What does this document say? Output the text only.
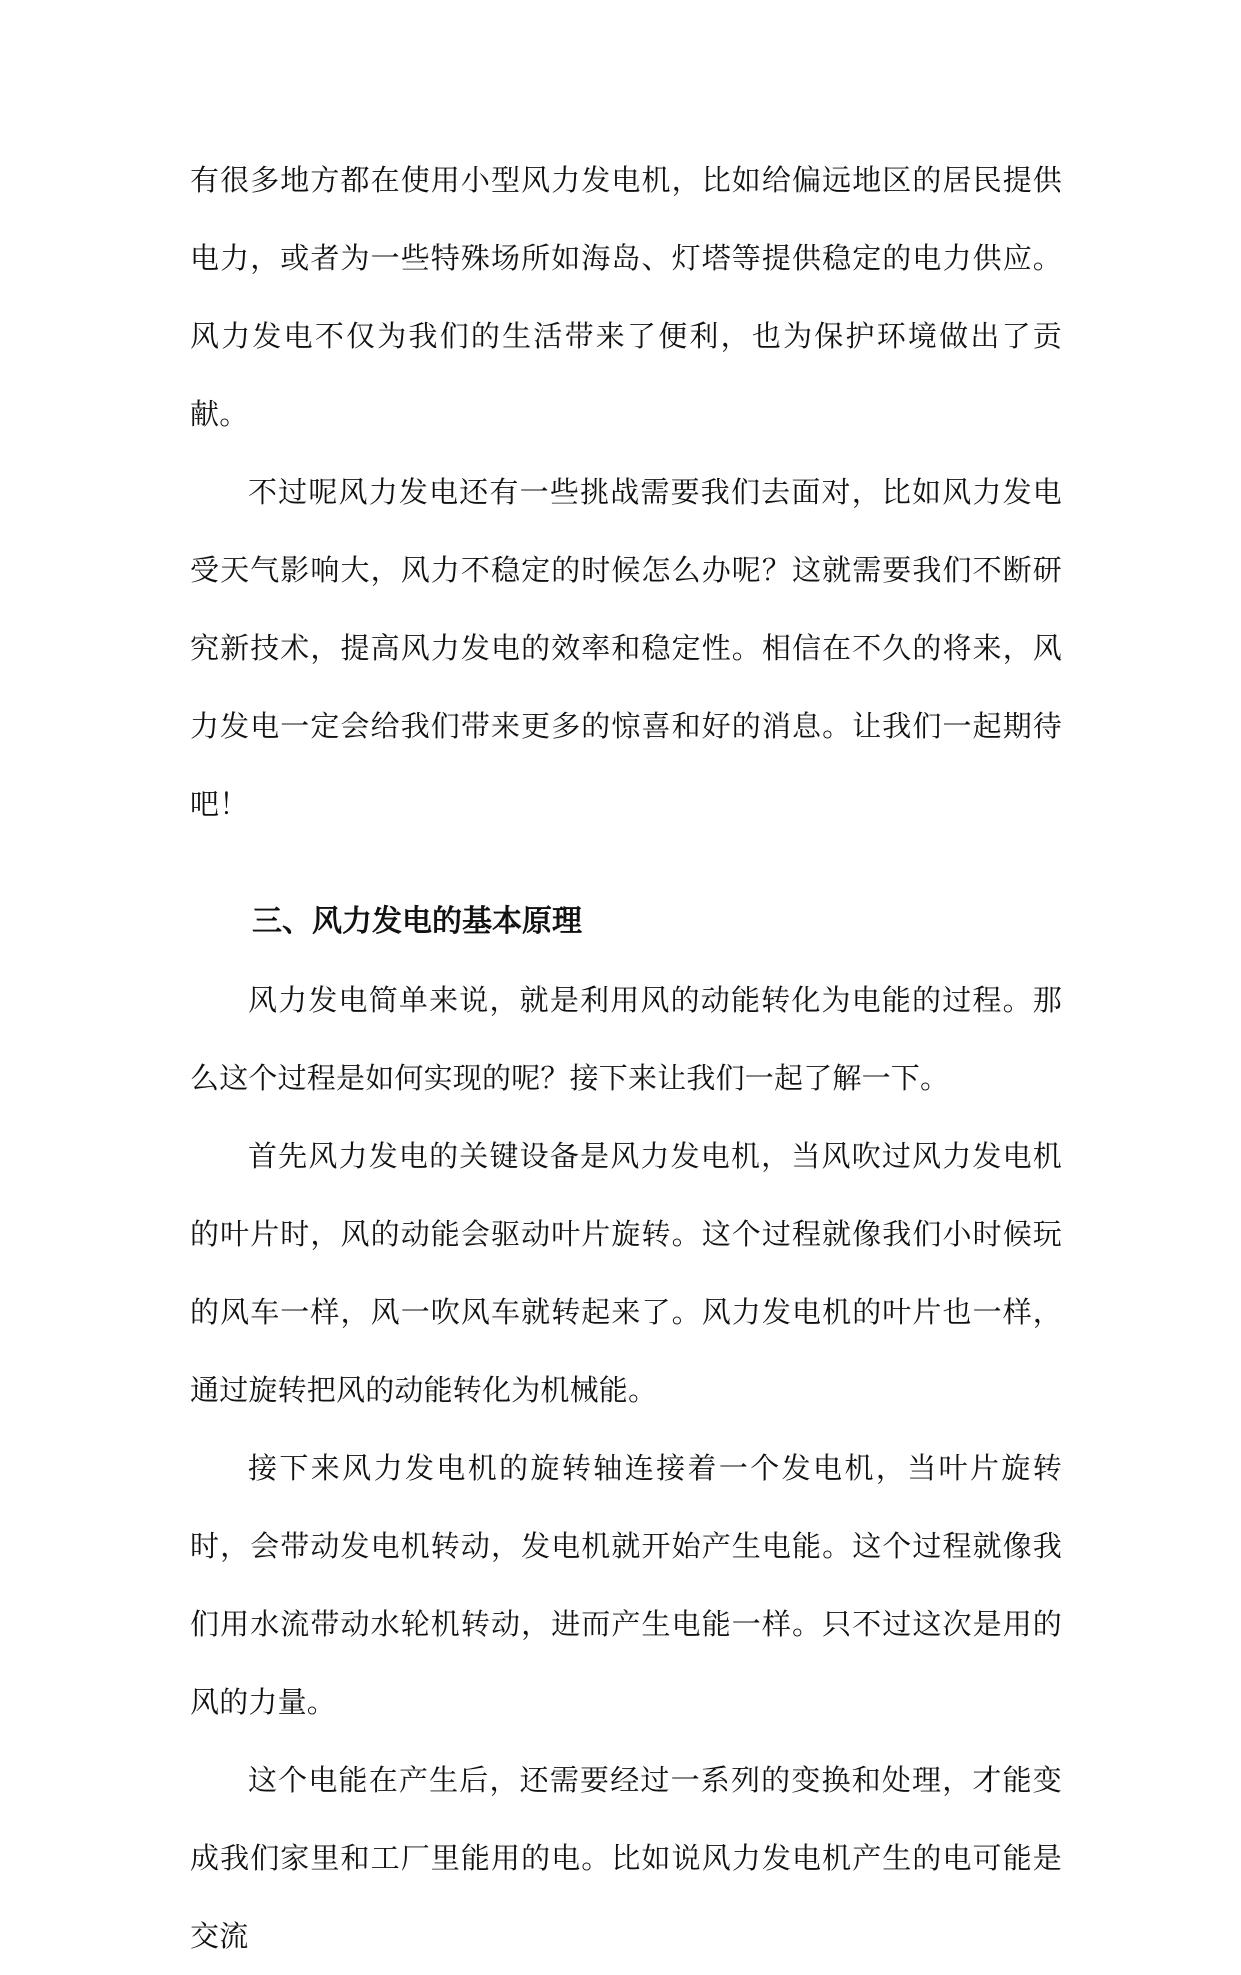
有很多地方都在使用小型风力发电机，比如给偏远地区的居民提供电力，或者为一些特殊场所如海岛、灯塔等提供稳定的电力供应。风力发电不仅为我们的生活带来了便利，也为保护环境做出了贡献。

不过呢风力发电还有一些挑战需要我们去面对，比如风力发电受天气影响大，风力不稳定的时候怎么办呢？这就需要我们不断研究新技术，提高风力发电的效率和稳定性。相信在不久的将来，风力发电一定会给我们带来更多的惊喜和好的消息。让我们一起期待吧！

三、风力发电的基本原理

风力发电简单来说，就是利用风的动能转化为电能的过程。那么这个过程是如何实现的呢？接下来让我们一起了解一下。

首先风力发电的关键设备是风力发电机，当风吹过风力发电机的叶片时，风的动能会驱动叶片旋转。这个过程就像我们小时候玩的风车一样，风一吹风车就转起来了。风力发电机的叶片也一样，通过旋转把风的动能转化为机械能。

接下来风力发电机的旋转轴连接着一个发电机，当叶片旋转时，会带动发电机转动，发电机就开始产生电能。这个过程就像我们用水流带动水轮机转动，进而产生电能一样。只不过这次是用的风的力量。

这个电能在产生后，还需要经过一系列的变换和处理，才能变成我们家里和工厂里能用的电。比如说风力发电机产生的电可能是交流
